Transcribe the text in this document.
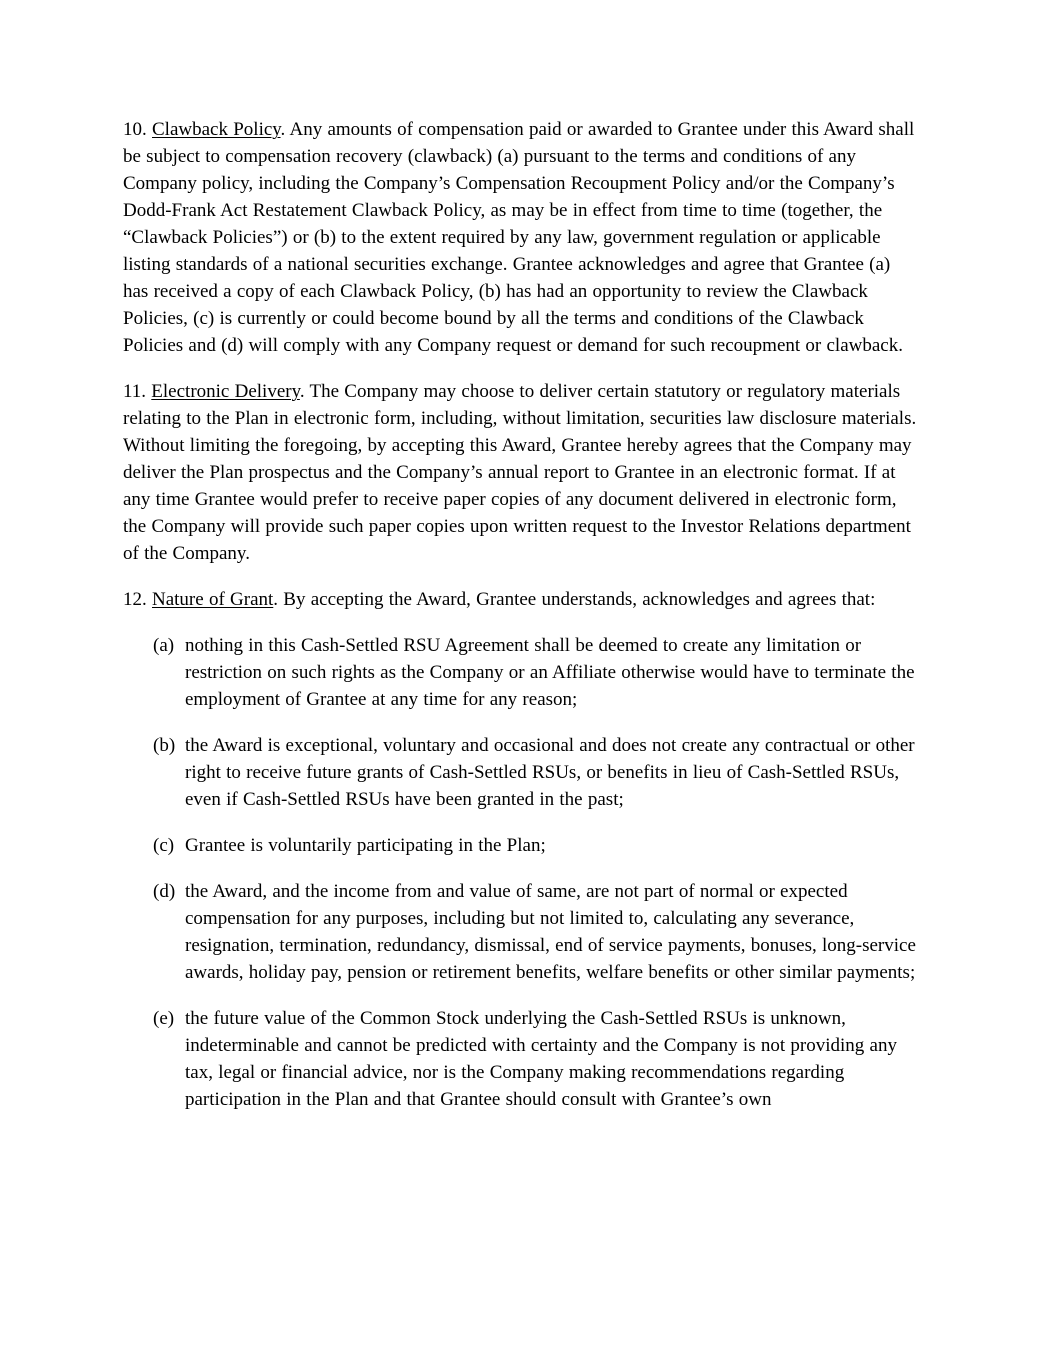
10. Clawback Policy. Any amounts of compensation paid or awarded to Grantee under this Award shall be subject to compensation recovery (clawback) (a) pursuant to the terms and conditions of any Company policy, including the Company’s Compensation Recoupment Policy and/or the Company’s Dodd-Frank Act Restatement Clawback Policy, as may be in effect from time to time (together, the “Clawback Policies”) or (b) to the extent required by any law, government regulation or applicable listing standards of a national securities exchange. Grantee acknowledges and agree that Grantee (a) has received a copy of each Clawback Policy, (b) has had an opportunity to review the Clawback Policies, (c) is currently or could become bound by all the terms and conditions of the Clawback Policies and (d) will comply with any Company request or demand for such recoupment or clawback.

11. Electronic Delivery. The Company may choose to deliver certain statutory or regulatory materials relating to the Plan in electronic form, including, without limitation, securities law disclosure materials. Without limiting the foregoing, by accepting this Award, Grantee hereby agrees that the Company may deliver the Plan prospectus and the Company’s annual report to Grantee in an electronic format. If at any time Grantee would prefer to receive paper copies of any document delivered in electronic form, the Company will provide such paper copies upon written request to the Investor Relations department of the Company.

12. Nature of Grant. By accepting the Award, Grantee understands, acknowledges and agrees that:

(a) nothing in this Cash-Settled RSU Agreement shall be deemed to create any limitation or restriction on such rights as the Company or an Affiliate otherwise would have to terminate the employment of Grantee at any time for any reason;
(b) the Award is exceptional, voluntary and occasional and does not create any contractual or other right to receive future grants of Cash-Settled RSUs, or benefits in lieu of Cash-Settled RSUs, even if Cash-Settled RSUs have been granted in the past;
(c) Grantee is voluntarily participating in the Plan;
(d) the Award, and the income from and value of same, are not part of normal or expected compensation for any purposes, including but not limited to, calculating any severance, resignation, termination, redundancy, dismissal, end of service payments, bonuses, long-service awards, holiday pay, pension or retirement benefits, welfare benefits or other similar payments;
(e) the future value of the Common Stock underlying the Cash-Settled RSUs is unknown, indeterminable and cannot be predicted with certainty and the Company is not providing any tax, legal or financial advice, nor is the Company making recommendations regarding participation in the Plan and that Grantee should consult with Grantee’s own
